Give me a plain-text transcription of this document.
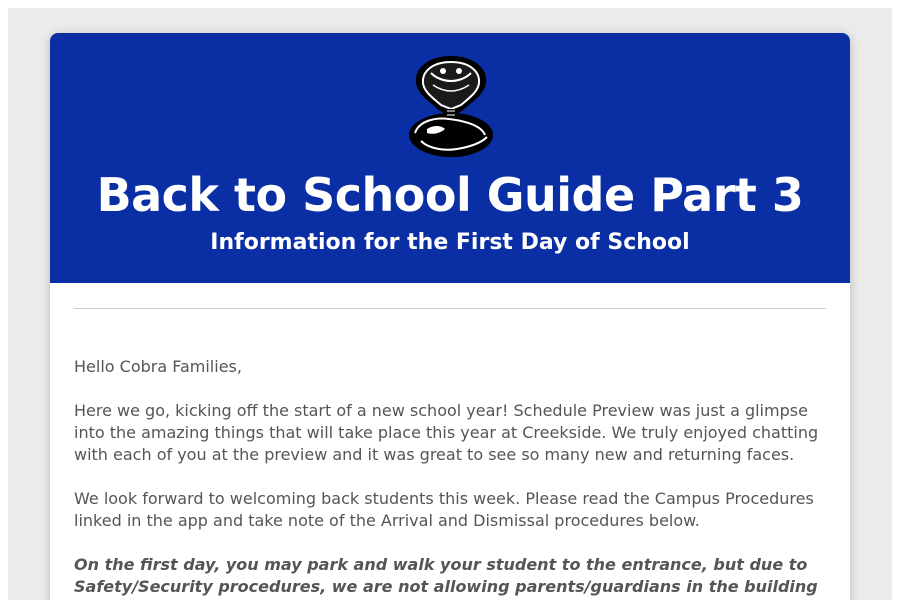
Back to School Guide Part 3
Information for the First Day of School

Hello Cobra Families,

Here we go, kicking off the start of a new school year! Schedule Preview was just a glimpse into the amazing things that will take place this year at Creekside. We truly enjoyed chatting with each of you at the preview and it was great to see so many new and returning faces.

We look forward to welcoming back students this week. Please read the Campus Procedures linked in the app and take note of the Arrival and Dismissal procedures below.

On the first day, you may park and walk your student to the entrance, but due to Safety/Security procedures, we are not allowing parents/guardians in the building
